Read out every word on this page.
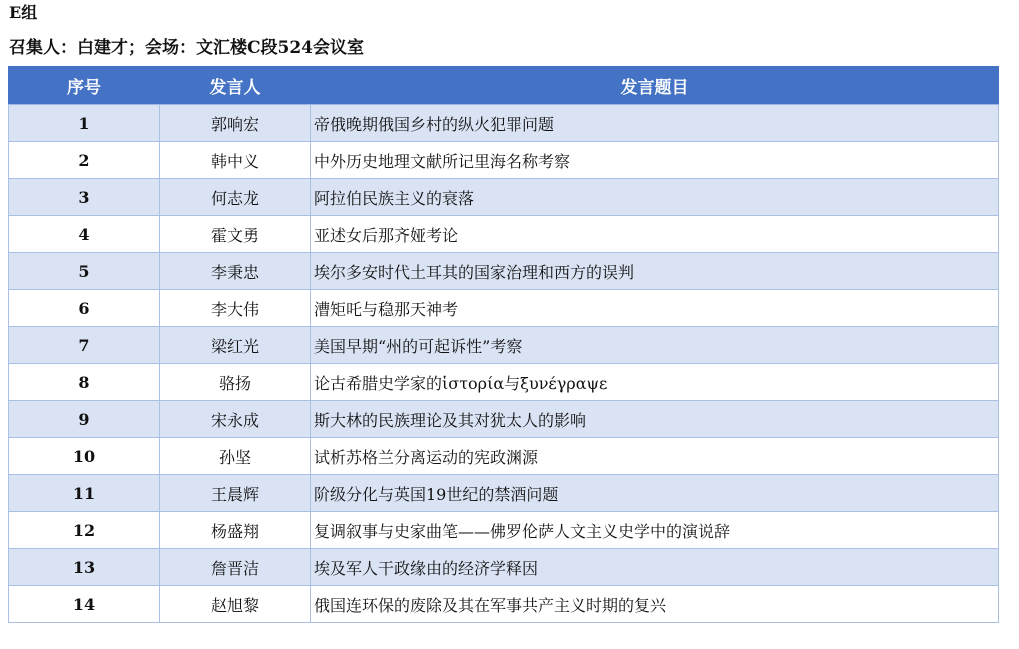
E组
召集人：白建才；会场：文汇楼C段524会议室
序号	发言人	发言题目
1	郭响宏	帝俄晚期俄国乡村的纵火犯罪问题
2	韩中义	中外历史地理文献所记里海名称考察
3	何志龙	阿拉伯民族主义的衰落
4	霍文勇	亚述女后那齐娅考论
5	李秉忠	埃尔多安时代土耳其的国家治理和西方的误判
6	李大伟	漕矩吒与稳那天神考
7	梁红光	美国早期“州的可起诉性”考察
8	骆扬	论古希腊史学家的ἱστορία与ξυνέγραψε
9	宋永成	斯大林的民族理论及其对犹太人的影响
10	孙坚	试析苏格兰分离运动的宪政渊源
11	王晨辉	阶级分化与英国19世纪的禁酒问题
12	杨盛翔	复调叙事与史家曲笔——佛罗伦萨人文主义史学中的演说辞
13	詹晋洁	埃及军人干政缘由的经济学释因
14	赵旭黎	俄国连环保的废除及其在军事共产主义时期的复兴
